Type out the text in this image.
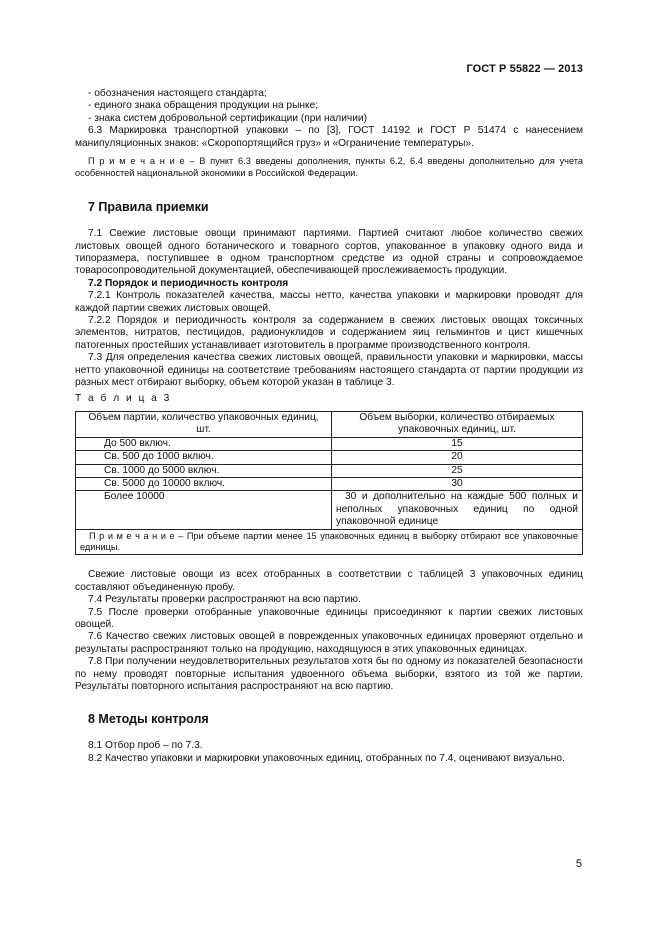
ГОСТ Р 55822 — 2013
- обозначения настоящего стандарта;
- единого знака обращения продукции на рынке;
- знака систем добровольной сертификации (при наличии)

6.3 Маркировка транспортной упаковки – по [3], ГОСТ 14192 и ГОСТ Р 51474 с нанесением манипуляционных знаков: «Скоропортящийся груз» и «Ограничение температуры».

П р и м е ч а н и е – В пункт 6.3 введены дополнения, пункты 6.2, 6.4 введены дополнительно для учета особенностей национальной экономики в Российской Федерации.

7 Правила приемки

7.1 Свежие листовые овощи принимают партиями. Партией считают любое количество свежих листовых овощей одного ботанического и товарного сортов, упакованное в упаковку одного вида и типоразмера, поступившее в одном транспортном средстве из одной страны и сопровождаемое товаросопроводительной документацией, обеспечивающей прослеживаемость продукции.

7.2 Порядок и периодичность контроля

7.2.1 Контроль показателей качества, массы нетто, качества упаковки и маркировки проводят для каждой партии свежих листовых овощей.

7.2.2 Порядок и периодичность контроля за содержанием в свежих листовых овощах токсичных элементов, нитратов, пестицидов, радионуклидов и содержанием яиц гельминтов и цист кишечных патогенных простейших устанавливает изготовитель в программе производственного контроля.

7.3 Для определения качества свежих листовых овощей, правильности упаковки и маркировки, массы нетто упаковочной единицы на соответствие требованиям настоящего стандарта от партии продукции из разных мест отбирают выборку, объем которой указан в таблице 3.

Т а б л и ц а 3
Объем партии, количество упаковочных единиц, шт.	Объем выборки, количество отбираемых упаковочных единиц, шт.
До 500 включ.	15
Св. 500 до 1000 включ.	20
Св. 1000 до 5000 включ.	25
Св. 5000 до 10000 включ.	30
Более 10000	30 и дополнительно на каждые 500 полных и неполных упаковочных единиц по одной упаковочной единице
П р и м е ч а н и е – При объеме партии менее 15 упаковочных единиц в выборку отбирают все упаковочные единицы.	

Свежие листовые овощи из всех отобранных в соответствии с таблицей 3 упаковочных единиц составляют объединенную пробу.

7.4 Результаты проверки распространяют на всю партию.

7.5 После проверки отобранные упаковочные единицы присоединяют к партии свежих листовых овощей.

7.6 Качество свежих листовых овощей в поврежденных упаковочных единицах проверяют отдельно и результаты распространяют только на продукцию, находящуюся в этих упаковочных единицах.

7.8 При получении неудовлетворительных результатов хотя бы по одному из показателей безопасности по нему проводят повторные испытания удвоенного объема выборки, взятого из той же партии. Результаты повторного испытания распространяют на всю партию.

8 Методы контроля

8.1 Отбор проб – по 7.3.

8.2 Качество упаковки и маркировки упаковочных единиц, отобранных по 7.4, оценивают визуально.

5
